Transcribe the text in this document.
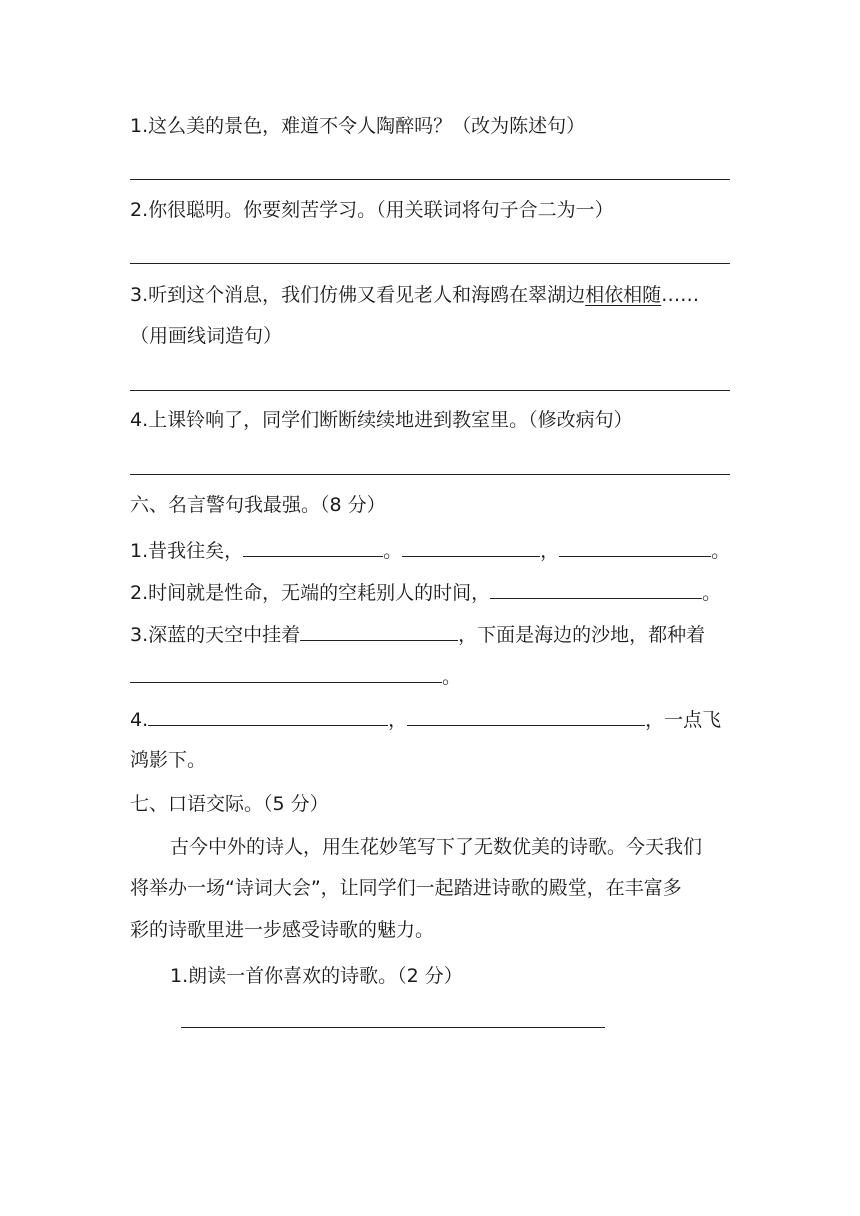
1.这么美的景色，难道不令人陶醉吗？（改为陈述句）
2.你很聪明。你要刻苦学习。（用关联词将句子合二为一）
3.听到这个消息，我们仿佛又看见老人和海鸥在翠湖边相依相随……
（用画线词造句）
4.上课铃响了，同学们断断续续地进到教室里。（修改病句）
六、名言警句我最强。（8 分）
1.昔我往矣，	。	，	。
2.时间就是性命，无端的空耗别人的时间，	。
3.深蓝的天空中挂着	，下面是海边的沙地，都种着
。
4.	，	，一点飞
鸿影下。
七、口语交际。（5 分）
古今中外的诗人，用生花妙笔写下了无数优美的诗歌。今天我们
将举办一场“诗词大会”，让同学们一起踏进诗歌的殿堂，在丰富多
彩的诗歌里进一步感受诗歌的魅力。
1.朗读一首你喜欢的诗歌。（2 分）
